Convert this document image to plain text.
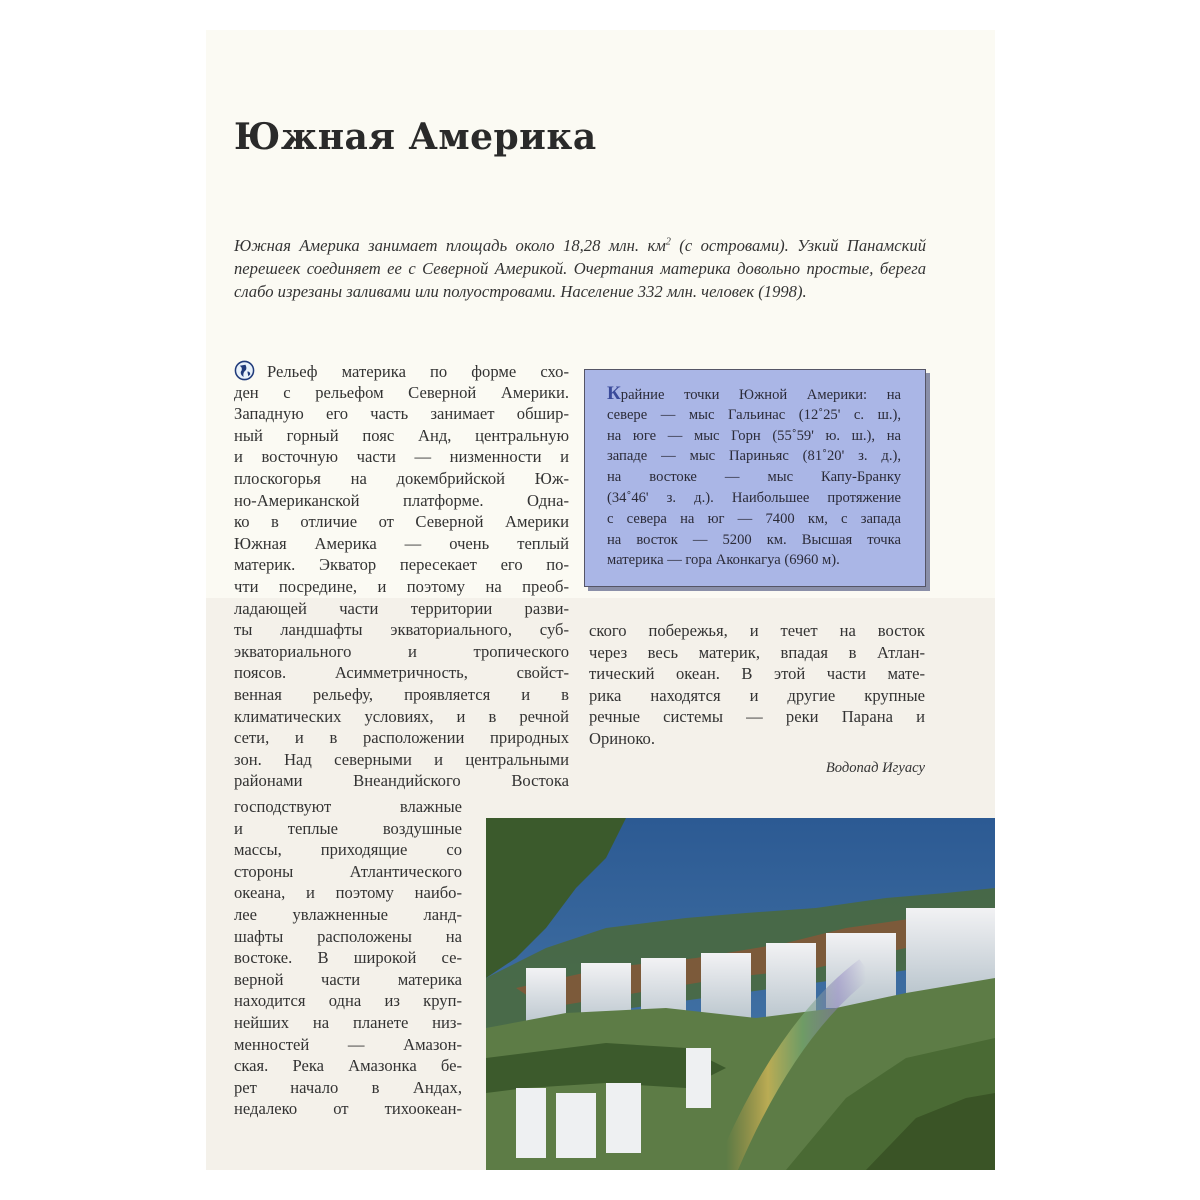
Южная Америка

Южная Америка занимает площадь около 18,28 млн. $км^2$ (с островами). Узкий Панамский перешеек соединяет ее с Северной Америкой. Очертания материка довольно простые, берега слабо изрезаны заливами или полуостровами. Население 332 млн. человек (1998).

Рельеф материка по форме схо-
ден с рельефом Северной Америки.
Западную его часть занимает обшир-
ный горный пояс Анд, центральную
и восточную части — низменности и
плоскогорья на докембрийской Юж-
но-Американской платформе. Одна-
ко в отличие от Северной Америки
Южная Америка — очень теплый
материк. Экватор пересекает его по-
чти посредине, и поэтому на преоб-
ладающей части территории разви-
ты ландшафты экваториального, суб-
экваториального и тропического
поясов. Асимметричность, свойст-
венная рельефу, проявляется и в
климатических условиях, и в речной
сети, и в расположении природных
зон. Над северными и центральными
районами Внеандийского Востока
господствуют влажные
и теплые воздушные
массы, приходящие со
стороны Атлантического
океана, и поэтому наибо-
лее увлажненные ланд-
шафты расположены на
востоке. В широкой се-
верной части материка
находится одна из круп-
нейших на планете низ-
менностей — Амазон-
ская. Река Амазонка бе-
рет начало в Андах,
недалеко от тихоокеан-
ского побережья, и течет на восток
через весь материк, впадая в Атлан-
тический океан. В этой части мате-
рика находятся и другие крупные
речные системы — реки Парана и
Ориноко.
Крайние точки Южной Америки: на
севере — мыс Гальинас (12˚25' с. ш.),
на юге — мыс Горн (55˚59' ю. ш.), на
западе — мыс Париньяс (81˚20' з. д.),
на востоке — мыс Капу-Бранку
(34˚46' з. д.). Наибольшее протяжение
с севера на юг — 7400 км, с запада
на восток — 5200 км. Высшая точка
материка — гора Аконкагуа (6960 м).
Водопад Игуасу
